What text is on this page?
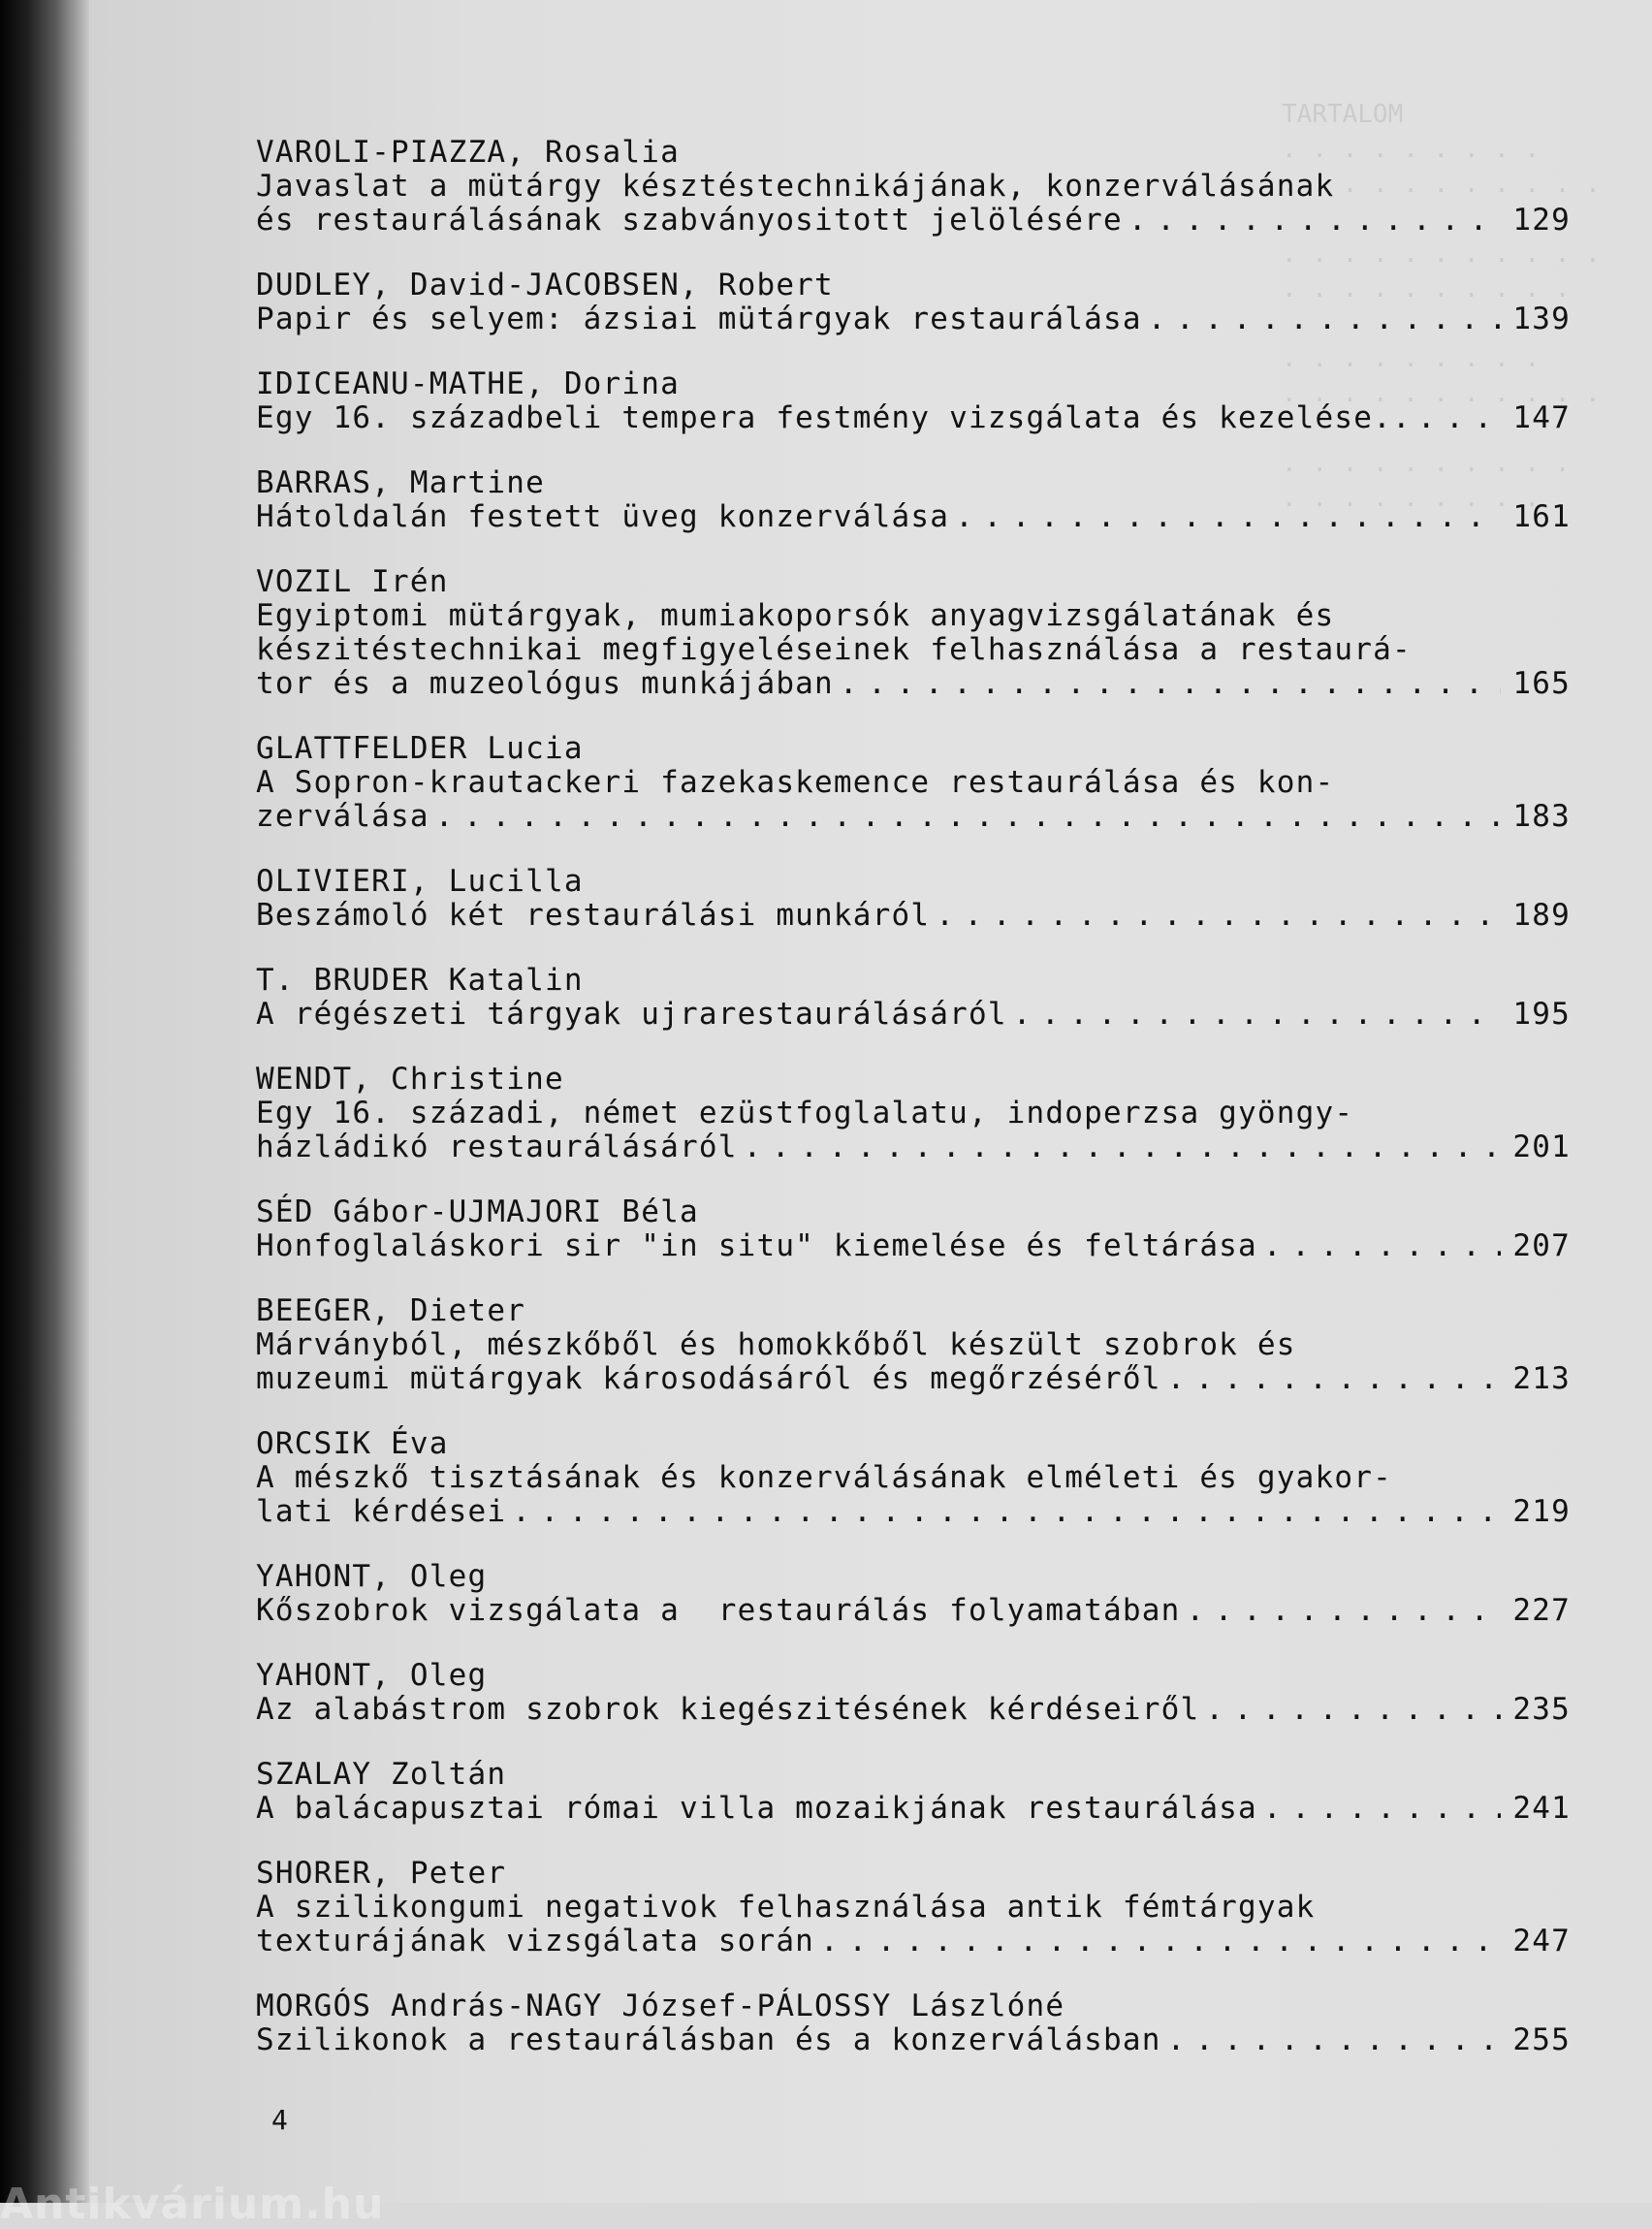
TARTALOM
. . . . . . . . .
. . . . . . . . . . .

. . . . . . . . . . .
. . . . . . . . . .

. . . . . . . . .
. . . . . . . . . . .

. . . . . . . . . .
. . . . . . . . .
VAROLI-PIAZZA, Rosalia
Javaslat a mütárgy késztéstechnikájának, konzerválásának
és restaurálásának szabványositott jelölésére . . .	129
DUDLEY, David-JACOBSEN, Robert
Papir és selyem: ázsiai mütárgyak restaurálása . . .	139
IDICEANU-MATHE, Dorina
Egy 16. századbeli tempera festmény vizsgálata és kezelése.. . . .	147
BARRAS, Martine
Hátoldalán festett üveg konzerválása . . .	161
VOZIL Irén
Egyiptomi mütárgyak, mumiakoporsók anyagvizsgálatának és
készitéstechnikai megfigyeléseinek felhasználása a restaurá-
tor és a muzeológus munkájában . . .	165
GLATTFELDER Lucia
A Sopron-krautackeri fazekaskemence restaurálása és kon-
zerválása . . .	183
OLIVIERI, Lucilla
Beszámoló két restaurálási munkáról . . .	189
T. BRUDER Katalin
A régészeti tárgyak ujrarestaurálásáról . . .	195
WENDT, Christine
Egy 16. századi, német ezüstfoglalatu, indoperzsa gyöngy-
házládikó restaurálásáról . . .	201
SÉD Gábor-UJMAJORI Béla
Honfoglaláskori sir "in situ" kiemelése és feltárása . . .	207
BEEGER, Dieter
Márványból, mészkőből és homokkőből készült szobrok és
muzeumi mütárgyak károsodásáról és megőrzéséről . . .	213
ORCSIK Éva
A mészkő tisztásának és konzerválásának elméleti és gyakor-
lati kérdései . . .	219
YAHONT, Oleg
Kőszobrok vizsgálata a  restaurálás folyamatában . . .	227
YAHONT, Oleg
Az alabástrom szobrok kiegészitésének kérdéseiről . . .	235
SZALAY Zoltán
A balácapusztai római villa mozaikjának restaurálása . . .	241
SHORER, Peter
A szilikongumi negativok felhasználása antik fémtárgyak
texturájának vizsgálata során . . .	247
MORGÓS András-NAGY József-PÁLOSSY Lászlóné
Szilikonok a restaurálásban és a konzerválásban . . .	255
4
Antikvárium.hu
